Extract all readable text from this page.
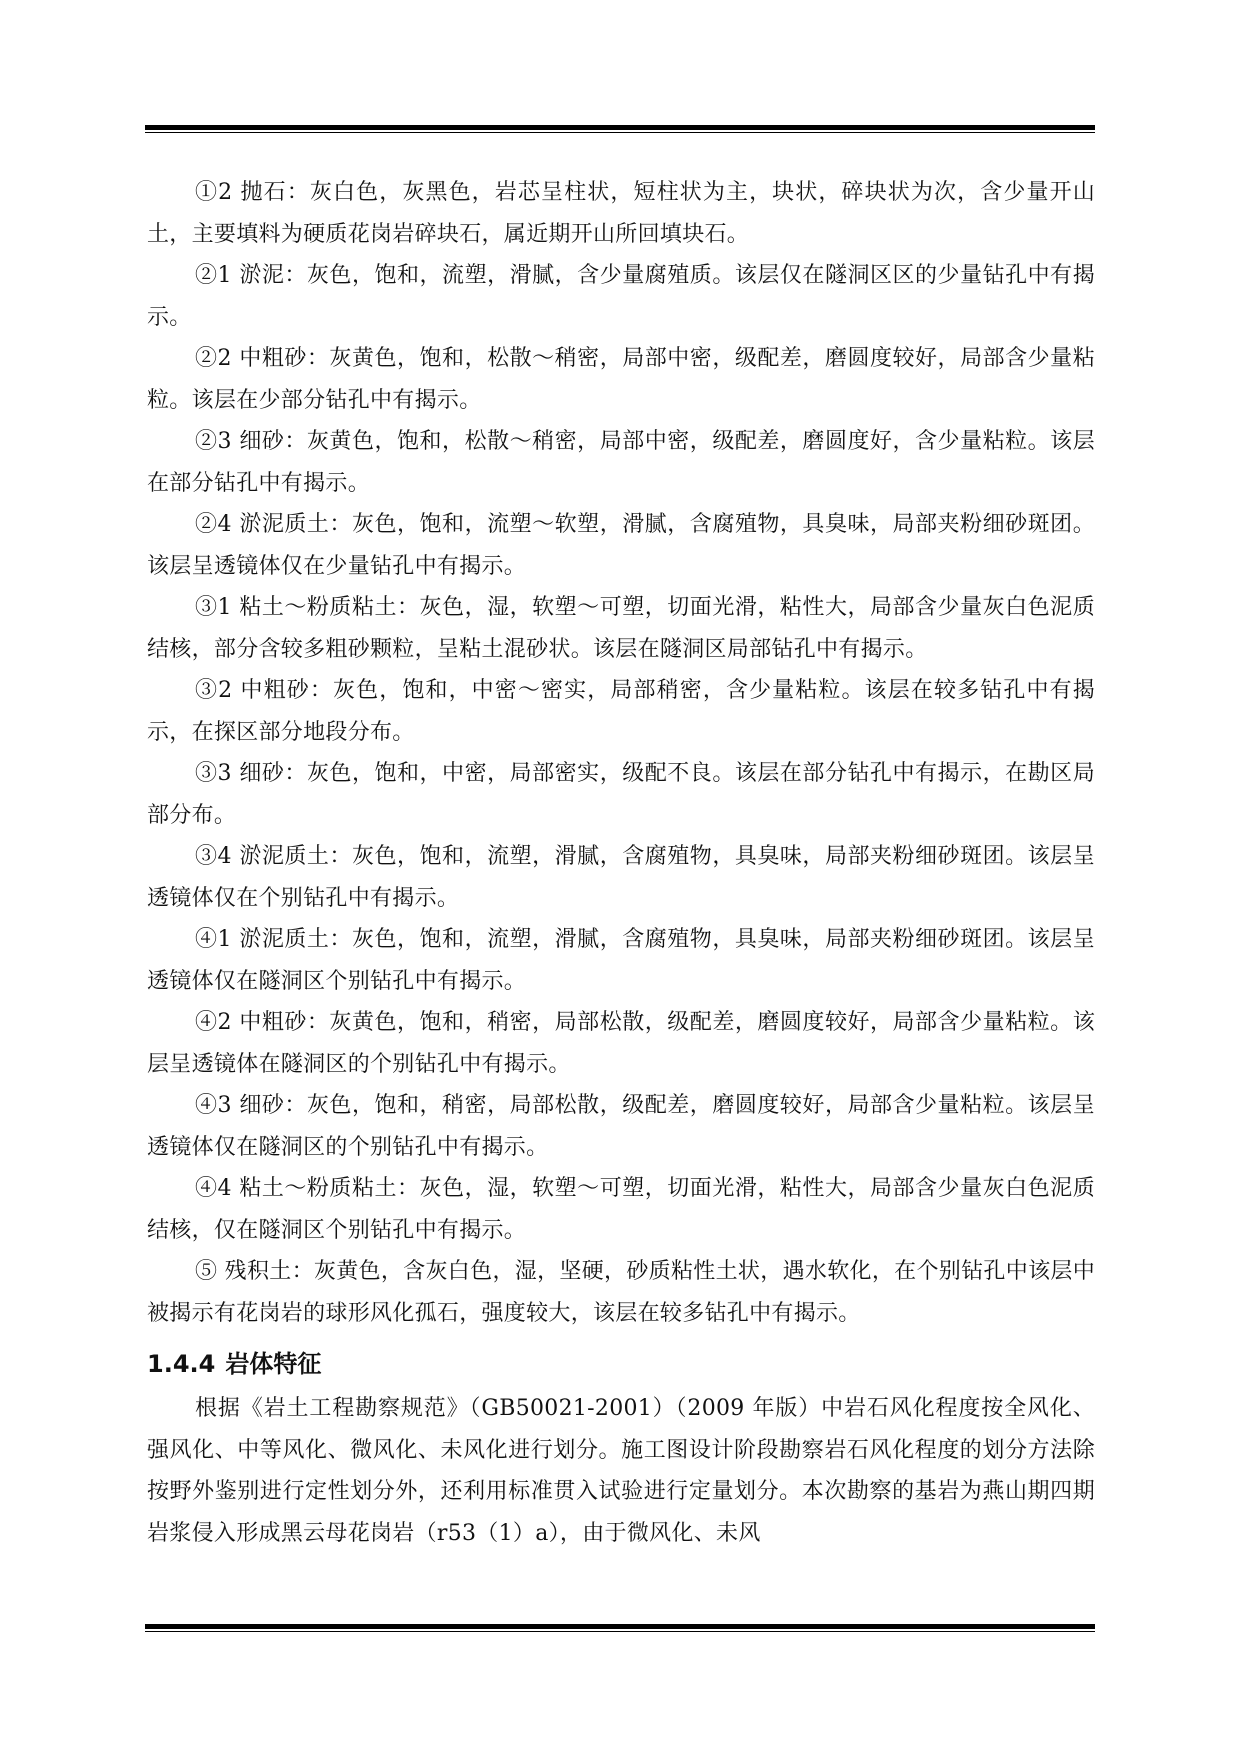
①2 抛石：灰白色，灰黑色，岩芯呈柱状，短柱状为主，块状，碎块状为次，含少量开山土，主要填料为硬质花岗岩碎块石，属近期开山所回填块石。

②1 淤泥：灰色，饱和，流塑，滑腻，含少量腐殖质。该层仅在隧洞区区的少量钻孔中有揭示。

②2 中粗砂：灰黄色，饱和，松散～稍密，局部中密，级配差，磨圆度较好，局部含少量粘粒。该层在少部分钻孔中有揭示。

②3 细砂：灰黄色，饱和，松散～稍密，局部中密，级配差，磨圆度好，含少量粘粒。该层在部分钻孔中有揭示。

②4 淤泥质土：灰色，饱和，流塑～软塑，滑腻，含腐殖物，具臭味，局部夹粉细砂斑团。该层呈透镜体仅在少量钻孔中有揭示。

③1 粘土～粉质粘土：灰色，湿，软塑～可塑，切面光滑，粘性大，局部含少量灰白色泥质结核，部分含较多粗砂颗粒，呈粘土混砂状。该层在隧洞区局部钻孔中有揭示。

③2 中粗砂：灰色，饱和，中密～密实，局部稍密，含少量粘粒。该层在较多钻孔中有揭示，在探区部分地段分布。

③3 细砂：灰色，饱和，中密，局部密实，级配不良。该层在部分钻孔中有揭示，在勘区局部分布。

③4 淤泥质土：灰色，饱和，流塑，滑腻，含腐殖物，具臭味，局部夹粉细砂斑团。该层呈透镜体仅在个别钻孔中有揭示。

④1 淤泥质土：灰色，饱和，流塑，滑腻，含腐殖物，具臭味，局部夹粉细砂斑团。该层呈透镜体仅在隧洞区个别钻孔中有揭示。

④2 中粗砂：灰黄色，饱和，稍密，局部松散，级配差，磨圆度较好，局部含少量粘粒。该层呈透镜体在隧洞区的个别钻孔中有揭示。

④3 细砂：灰色，饱和，稍密，局部松散，级配差，磨圆度较好，局部含少量粘粒。该层呈透镜体仅在隧洞区的个别钻孔中有揭示。

④4 粘土～粉质粘土：灰色，湿，软塑～可塑，切面光滑，粘性大，局部含少量灰白色泥质结核，仅在隧洞区个别钻孔中有揭示。

⑤ 残积土：灰黄色，含灰白色，湿，坚硬，砂质粘性土状，遇水软化，在个别钻孔中该层中被揭示有花岗岩的球形风化孤石，强度较大，该层在较多钻孔中有揭示。

1.4.4 岩体特征

根据《岩土工程勘察规范》（GB50021-2001）（2009 年版）中岩石风化程度按全风化、强风化、中等风化、微风化、未风化进行划分。施工图设计阶段勘察岩石风化程度的划分方法除按野外鉴别进行定性划分外，还利用标准贯入试验进行定量划分。本次勘察的基岩为燕山期四期岩浆侵入形成黑云母花岗岩（r53（1）a），由于微风化、未风
